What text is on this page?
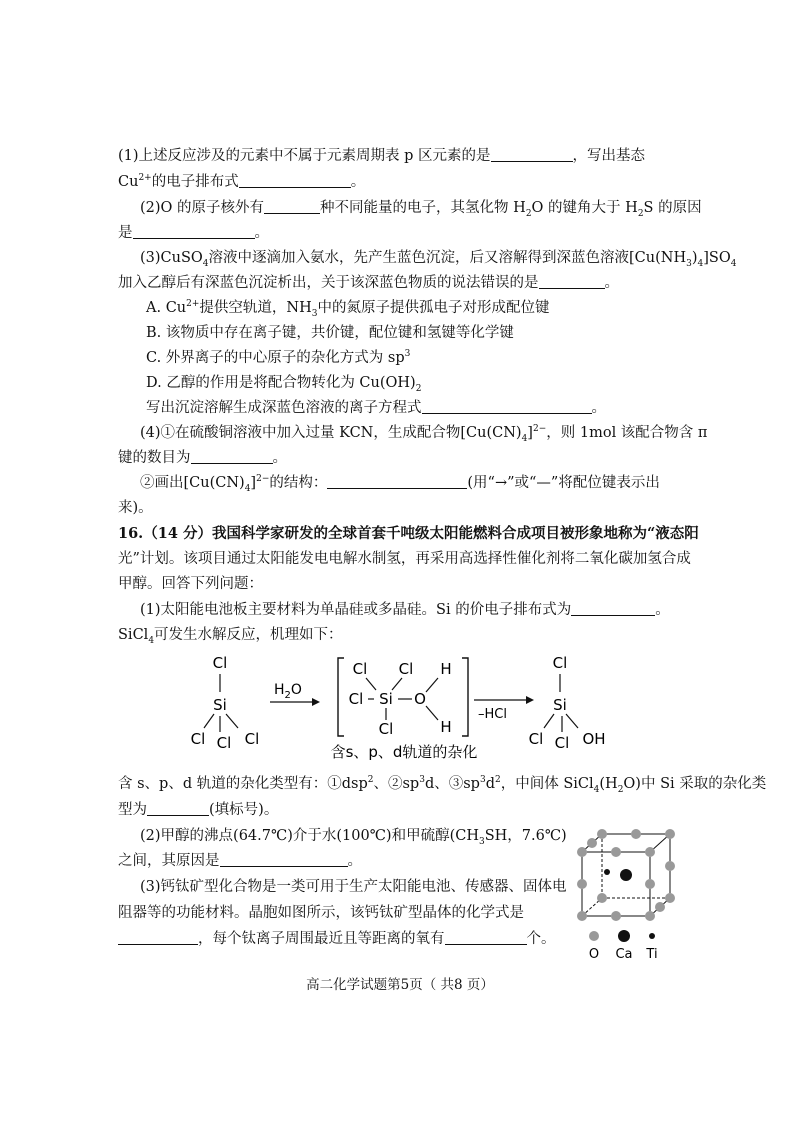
(1)上述反应涉及的元素中不属于元素周期表 p 区元素的是	，写出基态
$Cu^{2+}$的电子排布式	。
(2)O 的原子核外有	种不同能量的电子，其氢化物 $H_2O$ 的键角大于 $H_2S$ 的原因
是	。
(3)CuSO$_4$溶液中逐滴加入氨水，先产生蓝色沉淀，后又溶解得到深蓝色溶液$[Cu(NH_3)_4]SO_4$
加入乙醇后有深蓝色沉淀析出，关于该深蓝色物质的说法错误的是	。
A. $Cu^{2+}$提供空轨道，$NH_3$中的氮原子提供孤电子对形成配位键
B. 该物质中存在离子键，共价键，配位键和氢键等化学键
C. 外界离子的中心原子的杂化方式为 $sp^3$
D. 乙醇的作用是将配合物转化为 $Cu(OH)_2$
写出沉淀溶解生成深蓝色溶液的离子方程式	。
(4)①在硫酸铜溶液中加入过量 KCN，生成配合物$[Cu(CN)_4]^{2-}$，则 1mol 该配合物含 π
键的数目为	。
②画出$[Cu(CN)_4]^{2-}$的结构：	(用“→”或“—”将配位键表示出
来)。
16.（14 分）我国科学家研发的全球首套千吨级太阳能燃料合成项目被形象地称为“液态阳
光”计划。该项目通过太阳能发电电解水制氢，再采用高选择性催化剂将二氧化碳加氢合成
甲醇。回答下列问题：
(1)太阳能电池板主要材料为单晶硅或多晶硅。Si 的价电子排布式为	。
SiCl$_4$可发生水解反应，机理如下：
Cl
Si
Cl Cl Cl
$H_2O$
Cl Cl H
Cl Si O
H
Cl
含s、p、d轨道的杂化
–HCl
Cl
Si
Cl Cl OH
含 s、p、d 轨道的杂化类型有：①dsp$^2$、$②sp^3d$、$③sp^3d^2$，中间体 $SiCl_4(H_2O)$中 Si 采取的杂化类
型为	(填标号)。
(2)甲醇的沸点(64.7℃)介于水(100℃)和甲硫醇($CH_3SH$，7.6℃)
之间，其原因是	。
(3)钙钛矿型化合物是一类可用于生产太阳能电池、传感器、固体电
阻器等的功能材料。晶胞如图所示，该钙钛矿型晶体的化学式是
，每个钛离子周围最近且等距离的氧有	个。
O Ca Ti
高二化学试题第5页（ 共8 页）
